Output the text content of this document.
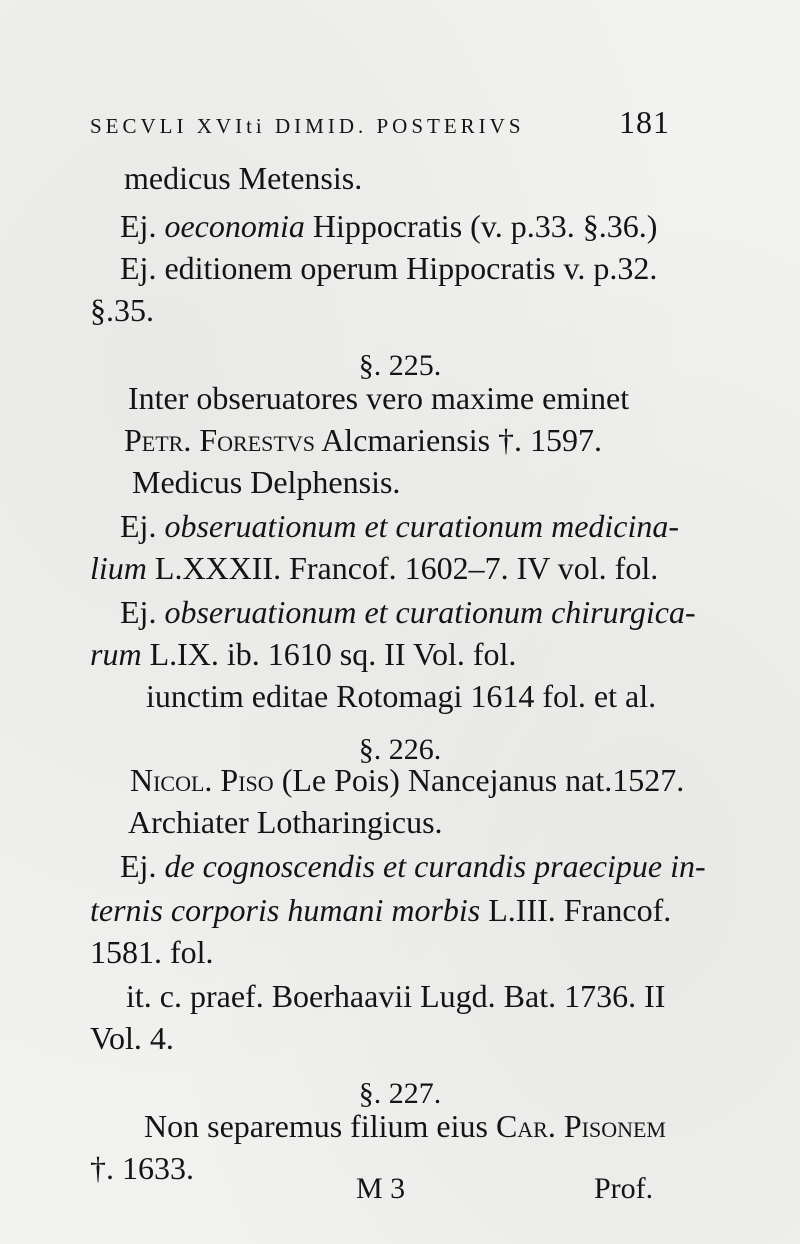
SECVLI XVIti DIMID. POSTERIVS	181
medicus Metensis.
Ej. oeconomia Hippocratis (v. p.33. §.36.)
Ej. editionem operum Hippocratis v. p.32.
§.35.
§. 225.
Inter obseruatores vero maxime eminet
Petr. Forestvs Alcmariensis †. 1597.
Medicus Delphensis.
Ej. obseruationum et curationum medicina-
lium L.XXXII. Francof. 1602–7. IV vol. fol.
Ej. obseruationum et curationum chirurgica-
rum L.IX. ib. 1610 sq. II Vol. fol.
iunctim editae Rotomagi 1614 fol. et al.
§. 226.
Nicol. Piso (Le Pois) Nancejanus nat.1527.
Archiater Lotharingicus.
Ej. de cognoscendis et curandis praecipue in-
ternis corporis humani morbis L.III. Francof.
1581. fol.
it. c. praef. Boerhaavii Lugd. Bat. 1736. II
Vol. 4.
§. 227.
Non separemus filium eius Car. Pisonem
†. 1633.
M 3	Prof.
